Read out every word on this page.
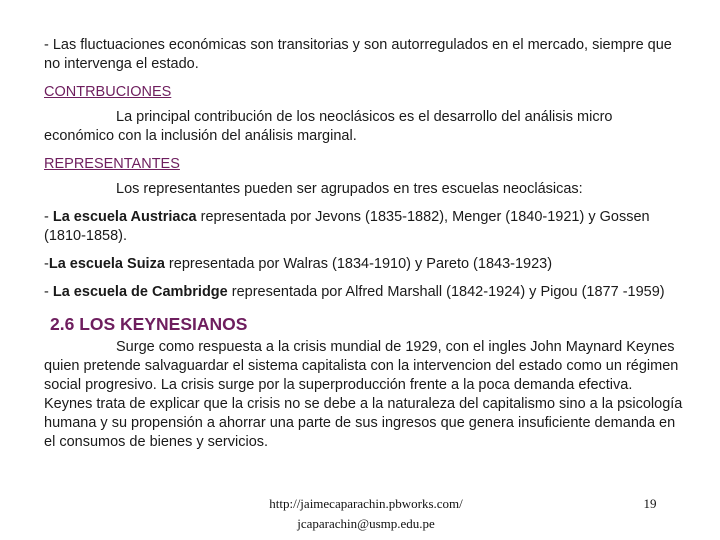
- Las fluctuaciones económicas son transitorias y son autorregulados en el mercado, siempre que no intervenga el estado.

CONTRBUCIONES

La principal contribución de los neoclásicos es el desarrollo del análisis micro económico con la inclusión del análisis marginal.

REPRESENTANTES

Los representantes pueden ser agrupados en tres escuelas neoclásicas:

- La escuela Austriaca representada por Jevons (1835-1882), Menger (1840-1921) y Gossen (1810-1858).

-La escuela Suiza representada por Walras (1834-1910) y Pareto (1843-1923)

- La escuela de Cambridge representada por Alfred Marshall (1842-1924) y Pigou (1877 -1959)

2.6 LOS KEYNESIANOS

Surge como respuesta a la crisis mundial de 1929, con el ingles John Maynard Keynes quien pretende salvaguardar el sistema capitalista con la intervencion del estado como un régimen social progresivo. La crisis surge por la superproducción frente a la poca demanda efectiva. Keynes trata de explicar que la crisis no se debe a la naturaleza del capitalismo sino a la psicología humana y su propensión a ahorrar una parte de sus ingresos que genera insuficiente demanda en el consumos de bienes y servicios.

http://jaimecaparachin.pbworks.com/
jcaparachin@usmp.edu.pe
19
